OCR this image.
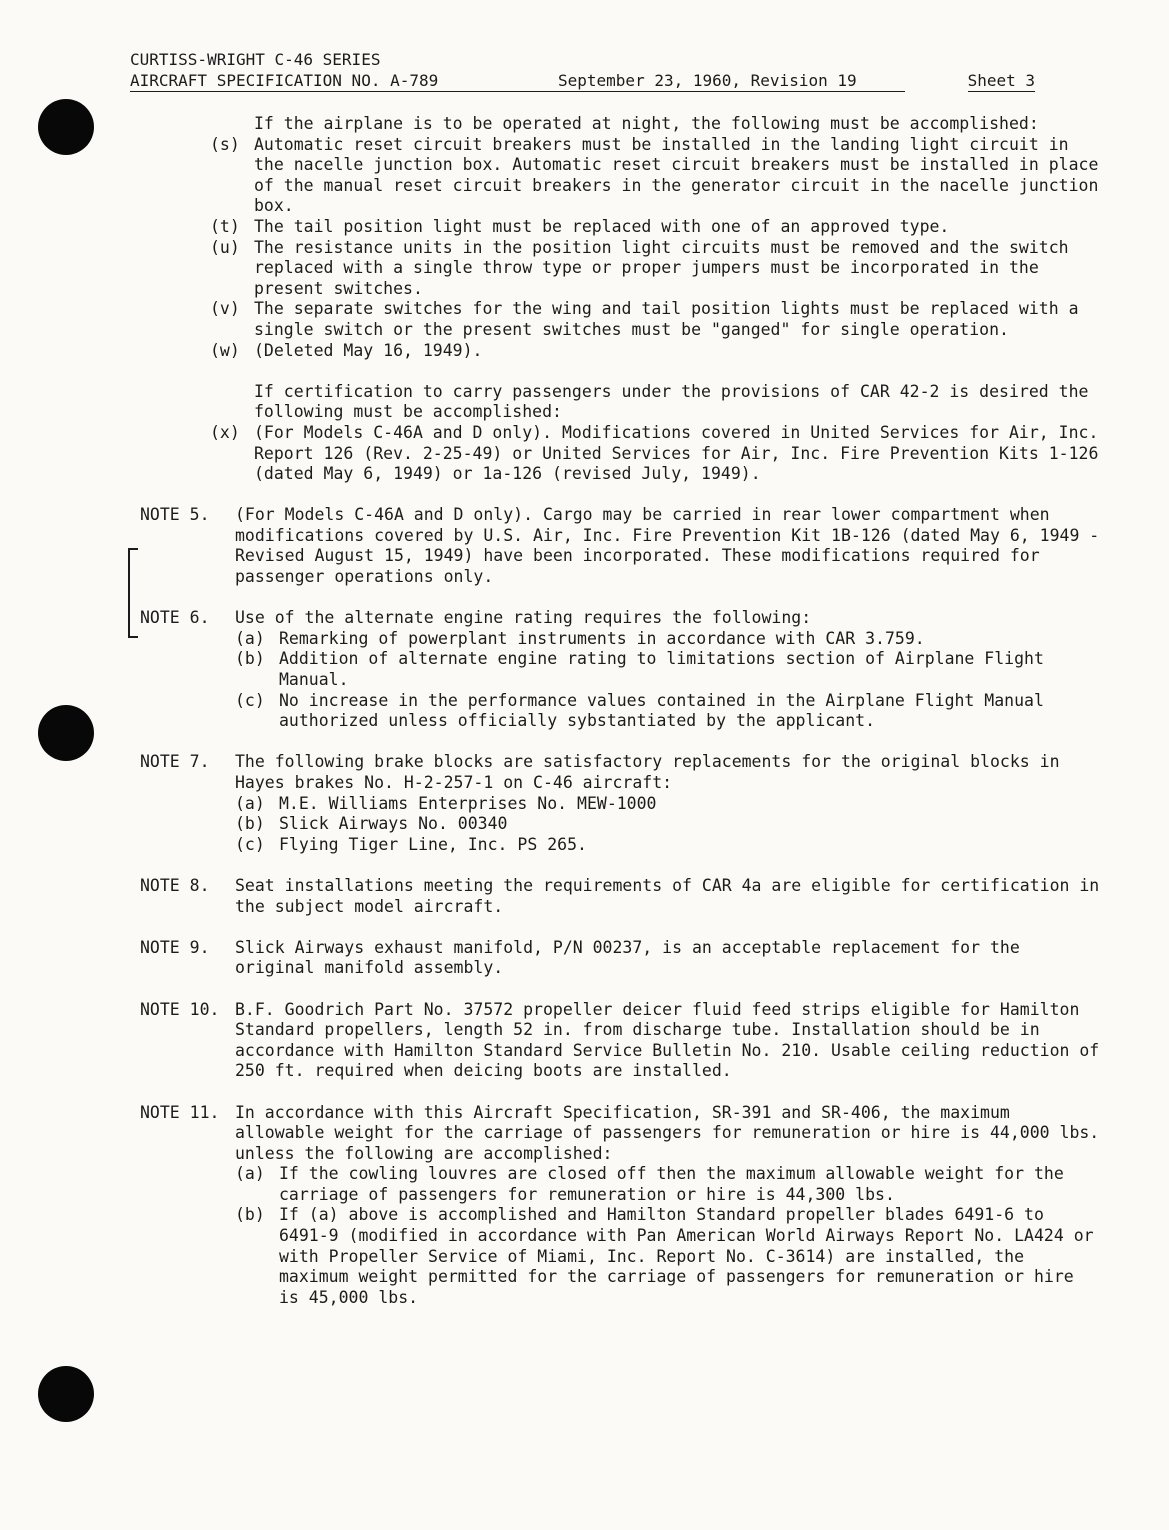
CURTISS-WRIGHT C-46 SERIES
AIRCRAFT SPECIFICATION NO. A-789	September 23, 1960, Revision 19	Sheet 3

If the airplane is to be operated at night, the following must be accomplished:

(s) Automatic reset circuit breakers must be installed in the landing light circuit in the nacelle junction box. Automatic reset circuit breakers must be installed in place of the manual reset circuit breakers in the generator circuit in the nacelle junction box.
(t) The tail position light must be replaced with one of an approved type.
(u) The resistance units in the position light circuits must be removed and the switch replaced with a single throw type or proper jumpers must be incorporated in the present switches.
(v) The separate switches for the wing and tail position lights must be replaced with a single switch or the present switches must be "ganged" for single operation.
(w) (Deleted May 16, 1949).

If certification to carry passengers under the provisions of CAR 42-2 is desired the following must be accomplished:

(x) (For Models C-46A and D only). Modifications covered in United Services for Air, Inc. Report 126 (Rev. 2-25-49) or United Services for Air, Inc. Fire Prevention Kits 1-126 (dated May 6, 1949) or 1a-126 (revised July, 1949).
NOTE 5.	(For Models C-46A and D only). Cargo may be carried in rear lower compartment when modifications covered by U.S. Air, Inc. Fire Prevention Kit 1B-126 (dated May 6, 1949 - Revised August 15, 1949) have been incorporated. These modifications required for passenger operations only.
NOTE 6.	Use of the alternate engine rating requires the following:
(a) Remarking of powerplant instruments in accordance with CAR 3.759.
(b) Addition of alternate engine rating to limitations section of Airplane Flight Manual.
(c) No increase in the performance values contained in the Airplane Flight Manual authorized unless officially sybstantiated by the applicant.
NOTE 7.	The following brake blocks are satisfactory replacements for the original blocks in Hayes brakes No. H-2-257-1 on C-46 aircraft:
(a) M.E. Williams Enterprises No. MEW-1000
(b) Slick Airways No. 00340
(c) Flying Tiger Line, Inc. PS 265.
NOTE 8.	Seat installations meeting the requirements of CAR 4a are eligible for certification in the subject model aircraft.
NOTE 9.	Slick Airways exhaust manifold, P/N 00237, is an acceptable replacement for the original manifold assembly.
NOTE 10. B.F. Goodrich Part No. 37572 propeller deicer fluid feed strips eligible for Hamilton Standard propellers, length 52 in. from discharge tube. Installation should be in accordance with Hamilton Standard Service Bulletin No. 210. Usable ceiling reduction of 250 ft. required when deicing boots are installed.
NOTE 11. In accordance with this Aircraft Specification, SR-391 and SR-406, the maximum allowable weight for the carriage of passengers for remuneration or hire is 44,000 lbs. unless the following are accomplished:
(a) If the cowling louvres are closed off then the maximum allowable weight for the carriage of passengers for remuneration or hire is 44,300 lbs.
(b) If (a) above is accomplished and Hamilton Standard propeller blades 6491-6 to 6491-9 (modified in accordance with Pan American World Airways Report No. LA424 or with Propeller Service of Miami, Inc. Report No. C-3614) are installed, the maximum weight permitted for the carriage of passengers for remuneration or hire is 45,000 lbs.
